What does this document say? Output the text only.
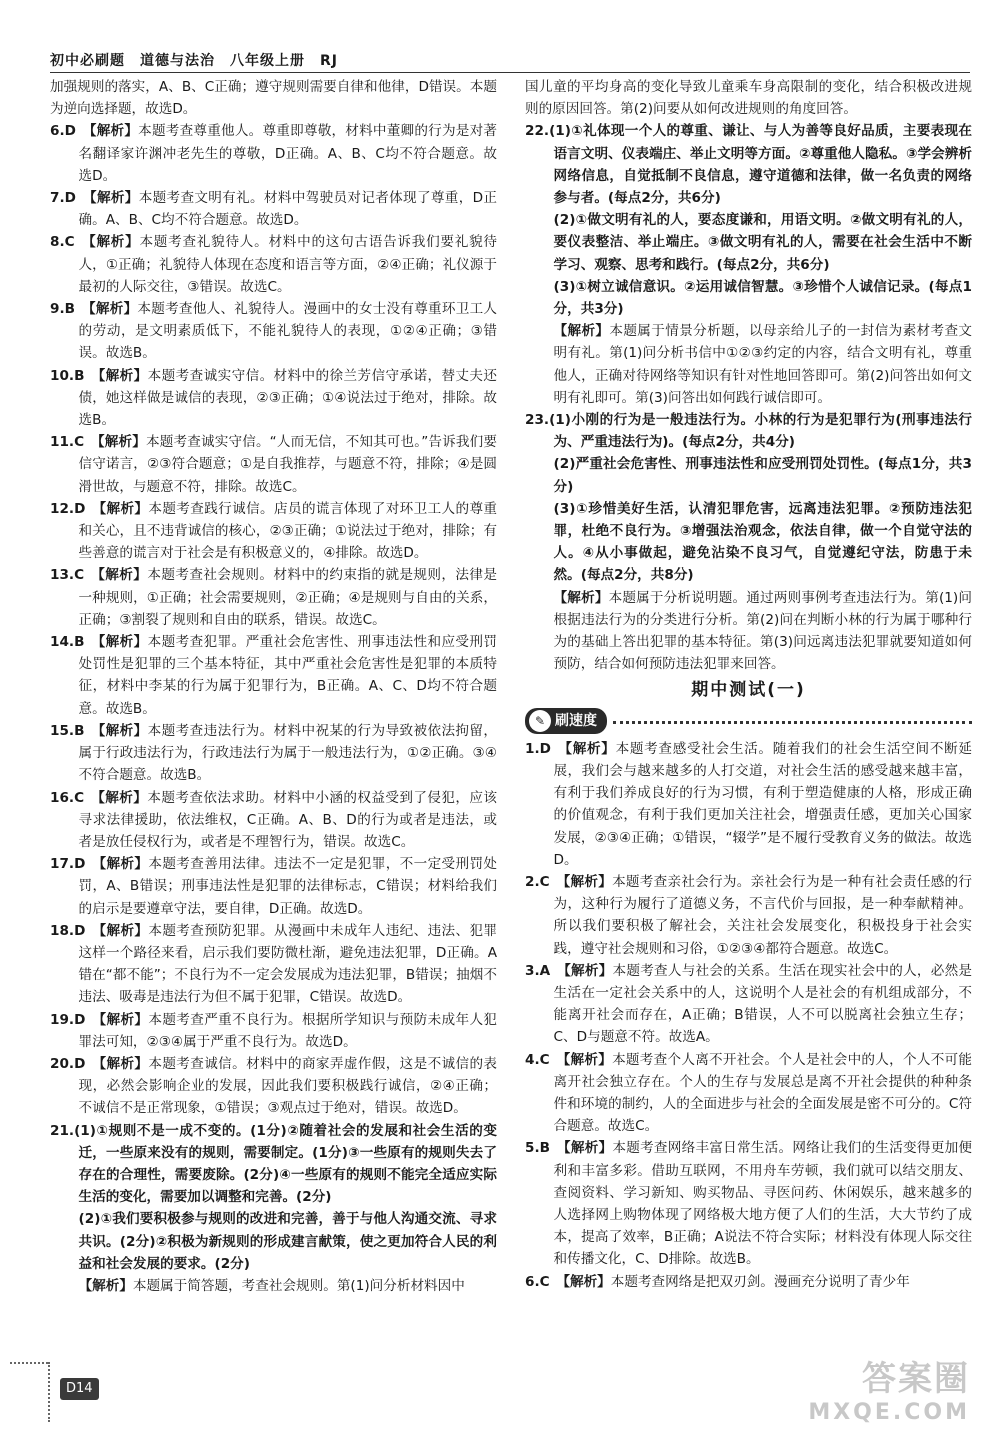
初中必刷题　道德与法治　八年级上册　RJ
加强规则的落实，A、B、C正确；遵守规则需要自律和他律，D错误。本题为逆向选择题，故选D。
6.D  【解析】本题考查尊重他人。尊重即尊敬，材料中董卿的行为是对著名翻译家许渊冲老先生的尊敬，D正确。A、B、C均不符合题意。故选D。
7.D  【解析】本题考查文明有礼。材料中驾驶员对记者体现了尊重，D正确。A、B、C均不符合题意。故选D。
8.C  【解析】本题考查礼貌待人。材料中的这句古语告诉我们要礼貌待人，①正确；礼貌待人体现在态度和语言等方面，②④正确；礼仪源于最初的人际交往，③错误。故选C。
9.B  【解析】本题考查他人、礼貌待人。漫画中的女士没有尊重环卫工人的劳动，是文明素质低下，不能礼貌待人的表现，①②④正确；③错误。故选B。
10.B  【解析】本题考查诚实守信。材料中的徐兰芳信守承诺，替丈夫还债，她这样做是诚信的表现，②③正确；①④说法过于绝对，排除。故选B。
11.C  【解析】本题考查诚实守信。“人而无信，不知其可也。”告诉我们要信守诺言，②③符合题意；①是自我推荐，与题意不符，排除；④是圆滑世故，与题意不符，排除。故选C。
12.D  【解析】本题考查践行诚信。店员的谎言体现了对环卫工人的尊重和关心，且不违背诚信的核心，②③正确；①说法过于绝对，排除；有些善意的谎言对于社会是有积极意义的，④排除。故选D。
13.C  【解析】本题考查社会规则。材料中的约束指的就是规则，法律是一种规则，①正确；社会需要规则，②正确；④是规则与自由的关系，正确；③割裂了规则和自由的联系，错误。故选C。
14.B  【解析】本题考查犯罪。严重社会危害性、刑事违法性和应受刑罚处罚性是犯罪的三个基本特征，其中严重社会危害性是犯罪的本质特征，材料中李某的行为属于犯罪行为，B正确。A、C、D均不符合题意。故选B。
15.B  【解析】本题考查违法行为。材料中祝某的行为导致被依法拘留，属于行政违法行为，行政违法行为属于一般违法行为，①②正确。③④不符合题意。故选B。
16.C  【解析】本题考查依法求助。材料中小涵的权益受到了侵犯，应该寻求法律援助，依法维权，C正确。A、B、D的行为或者是违法，或者是放任侵权行为，或者是不理智行为，错误。故选C。
17.D  【解析】本题考查善用法律。违法不一定是犯罪，不一定受刑罚处罚，A、B错误；刑事违法性是犯罪的法律标志，C错误；材料给我们的启示是要遵章守法，要自律，D正确。故选D。
18.D  【解析】本题考查预防犯罪。从漫画中未成年人违纪、违法、犯罪这样一个路径来看，启示我们要防微杜渐，避免违法犯罪，D正确。A错在“都不能”；不良行为不一定会发展成为违法犯罪，B错误；抽烟不违法、吸毒是违法行为但不属于犯罪，C错误。故选D。
19.D  【解析】本题考查严重不良行为。根据所学知识与预防未成年人犯罪法可知，②③④属于严重不良行为。故选D。
20.D  【解析】本题考查诚信。材料中的商家弄虚作假，这是不诚信的表现，必然会影响企业的发展，因此我们要积极践行诚信，②④正确；不诚信不是正常现象，①错误；③观点过于绝对，错误。故选D。
21.(1)①规则不是一成不变的。(1分)②随着社会的发展和社会生活的变迁，一些原来没有的规则，需要制定。(1分)③一些原有的规则失去了存在的合理性，需要废除。(2分)④一些原有的规则不能完全适应实际生活的变化，需要加以调整和完善。(2分)
(2)①我们要积极参与规则的改进和完善，善于与他人沟通交流、寻求共识。(2分)②积极为新规则的形成建言献策，使之更加符合人民的利益和社会发展的要求。(2分)
【解析】本题属于简答题，考查社会规则。第(1)问分析材料因中
国儿童的平均身高的变化导致儿童乘车身高限制的变化，结合积极改进规则的原因回答。第(2)问要从如何改进规则的角度回答。
22.(1)①礼体现一个人的尊重、谦让、与人为善等良好品质，主要表现在语言文明、仪表端庄、举止文明等方面。②尊重他人隐私。③学会辨析网络信息，自觉抵制不良信息，遵守道德和法律，做一名负责的网络参与者。(每点2分，共6分)
(2)①做文明有礼的人，要态度谦和，用语文明。②做文明有礼的人，要仪表整洁、举止端庄。③做文明有礼的人，需要在社会生活中不断学习、观察、思考和践行。(每点2分，共6分)
(3)①树立诚信意识。②运用诚信智慧。③珍惜个人诚信记录。(每点1分，共3分)
【解析】本题属于情景分析题，以母亲给儿子的一封信为素材考查文明有礼。第(1)问分析书信中①②③约定的内容，结合文明有礼，尊重他人，正确对待网络等知识有针对性地回答即可。第(2)问答出如何文明有礼即可。第(3)问答出如何践行诚信即可。
23.(1)小刚的行为是一般违法行为。小林的行为是犯罪行为(刑事违法行为、严重违法行为)。(每点2分，共4分)
(2)严重社会危害性、刑事违法性和应受刑罚处罚性。(每点1分，共3分)
(3)①珍惜美好生活，认清犯罪危害，远离违法犯罪。②预防违法犯罪，杜绝不良行为。③增强法治观念，依法自律，做一个自觉守法的人。④从小事做起，避免沾染不良习气，自觉遵纪守法，防患于未然。(每点2分，共8分)
【解析】本题属于分析说明题。通过两则事例考查违法行为。第(1)问根据违法行为的分类进行分析。第(2)问在判断小林的行为属于哪种行为的基础上答出犯罪的基本特征。第(3)问远离违法犯罪就要知道如何预防，结合如何预防违法犯罪来回答。
期中测试(一)
✎ 刷速度
1.D  【解析】本题考查感受社会生活。随着我们的社会生活空间不断延展，我们会与越来越多的人打交道，对社会生活的感受越来越丰富，有利于我们养成良好的行为习惯，有利于塑造健康的人格，形成正确的价值观念，有利于我们更加关注社会，增强责任感，更加关心国家发展，②③④正确；①错误，“辍学”是不履行受教育义务的做法。故选D。
2.C  【解析】本题考查亲社会行为。亲社会行为是一种有社会责任感的行为，这种行为履行了道德义务，不言代价与回报，是一种奉献精神。所以我们要积极了解社会，关注社会发展变化，积极投身于社会实践，遵守社会规则和习俗，①②③④都符合题意。故选C。
3.A  【解析】本题考查人与社会的关系。生活在现实社会中的人，必然是生活在一定社会关系中的人，这说明个人是社会的有机组成部分，不能离开社会而存在，A正确；B错误，人不可以脱离社会独立生存；C、D与题意不符。故选A。
4.C  【解析】本题考查个人离不开社会。个人是社会中的人，个人不可能离开社会独立存在。个人的生存与发展总是离不开社会提供的种种条件和环境的制约，人的全面进步与社会的全面发展是密不可分的。C符合题意。故选C。
5.B  【解析】本题考查网络丰富日常生活。网络让我们的生活变得更加便利和丰富多彩。借助互联网，不用舟车劳顿，我们就可以结交朋友、查阅资料、学习新知、购买物品、寻医问药、休闲娱乐，越来越多的人选择网上购物体现了网络极大地方便了人们的生活，大大节约了成本，提高了效率，B正确；A说法不符合实际；材料没有体现人际交往和传播文化，C、D排除。故选B。
6.C  【解析】本题考查网络是把双刃剑。漫画充分说明了青少年
D14	答案圈
MXQE.COM
